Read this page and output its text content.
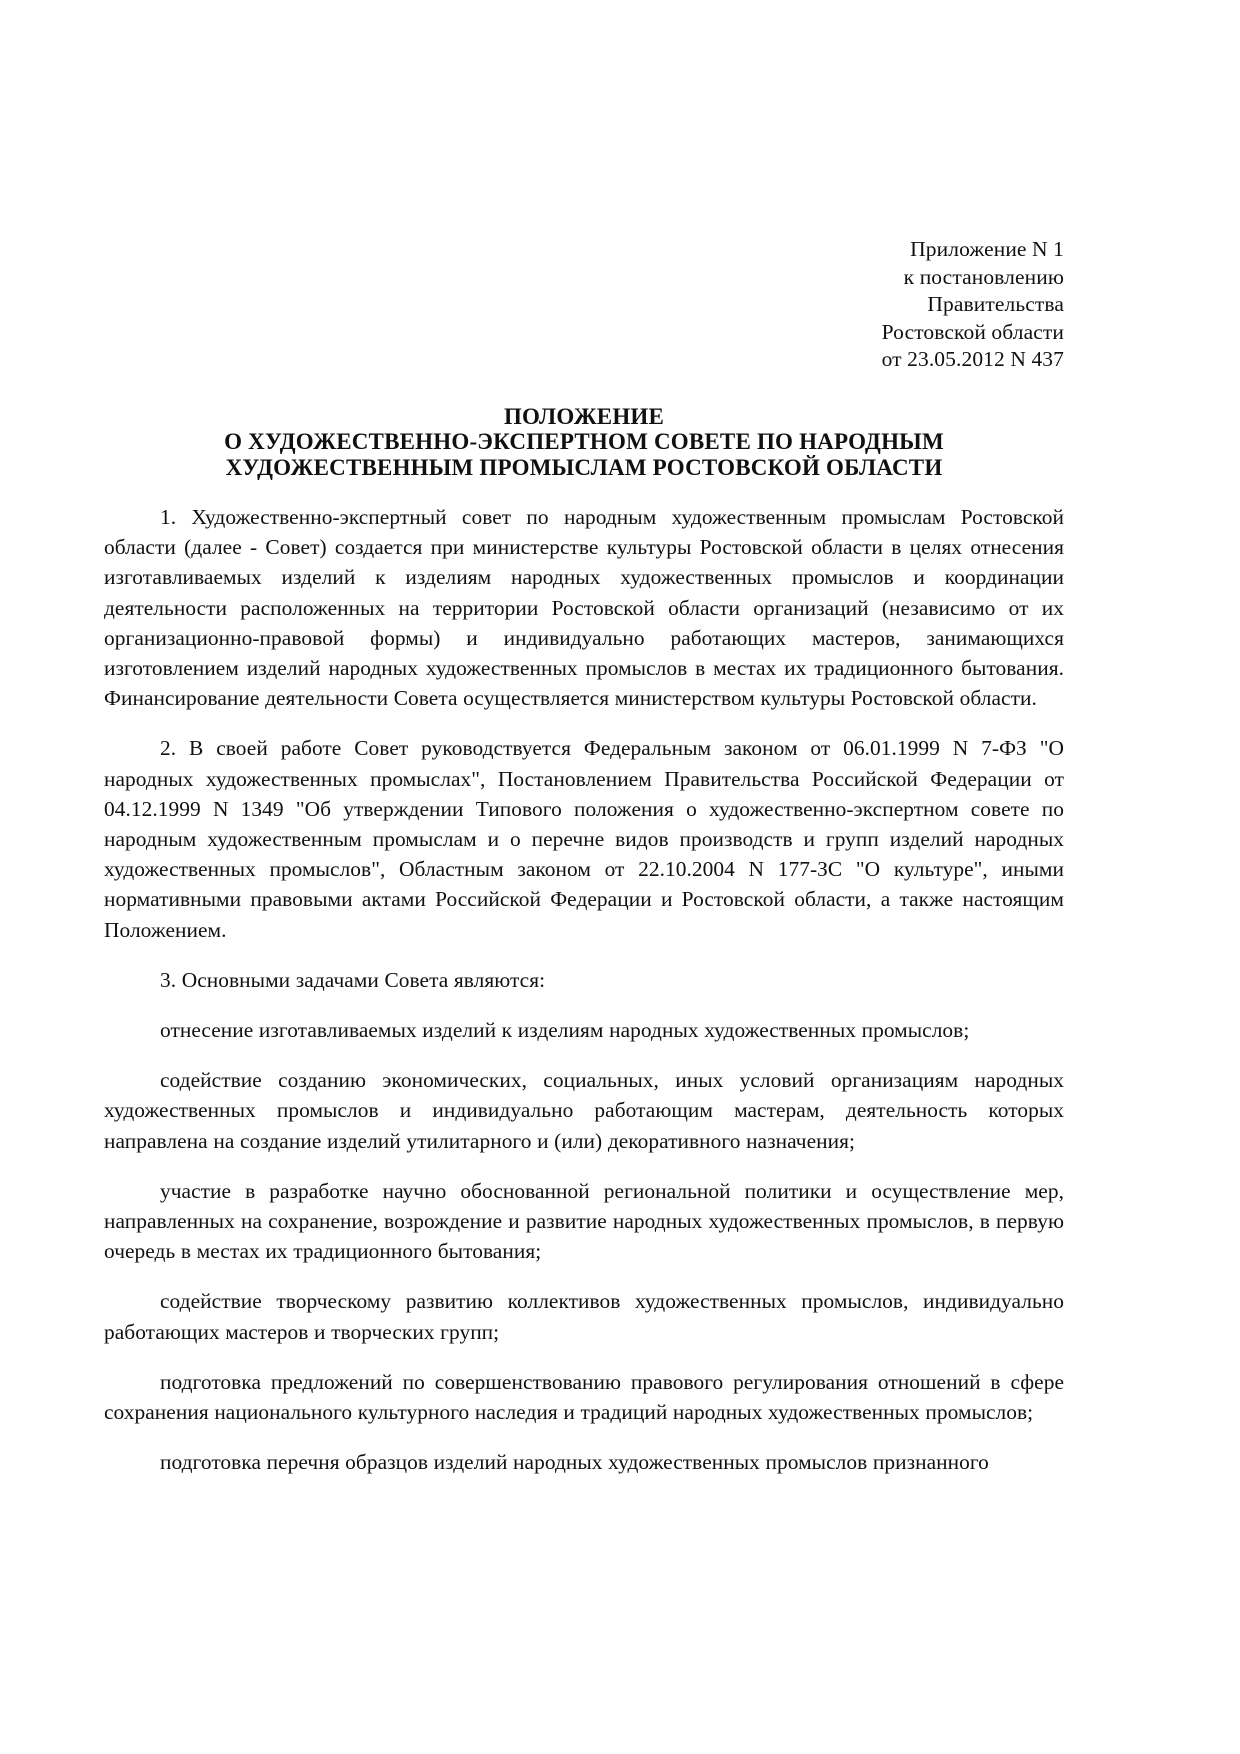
Приложение N 1
к постановлению
Правительства
Ростовской области
от 23.05.2012 N 437
ПОЛОЖЕНИЕ
О ХУДОЖЕСТВЕННО-ЭКСПЕРТНОМ СОВЕТЕ ПО НАРОДНЫМ
ХУДОЖЕСТВЕННЫМ ПРОМЫСЛАМ РОСТОВСКОЙ ОБЛАСТИ

1. Художественно-экспертный совет по народным художественным промыслам Ростовской области (далее - Совет) создается при министерстве культуры Ростовской области в целях отнесения изготавливаемых изделий к изделиям народных художественных промыслов и координации деятельности расположенных на территории Ростовской области организаций (независимо от их организационно-правовой формы) и индивидуально работающих мастеров, занимающихся изготовлением изделий народных художественных промыслов в местах их традиционного бытования. Финансирование деятельности Совета осуществляется министерством культуры Ростовской области.

2. В своей работе Совет руководствуется Федеральным законом от 06.01.1999 N 7-ФЗ "О народных художественных промыслах", Постановлением Правительства Российской Федерации от 04.12.1999 N 1349 "Об утверждении Типового положения о художественно-экспертном совете по народным художественным промыслам и о перечне видов производств и групп изделий народных художественных промыслов", Областным законом от 22.10.2004 N 177-ЗС "О культуре", иными нормативными правовыми актами Российской Федерации и Ростовской области, а также настоящим Положением.

3. Основными задачами Совета являются:

отнесение изготавливаемых изделий к изделиям народных художественных промыслов;

содействие созданию экономических, социальных, иных условий организациям народных художественных промыслов и индивидуально работающим мастерам, деятельность которых направлена на создание изделий утилитарного и (или) декоративного назначения;

участие в разработке научно обоснованной региональной политики и осуществление мер, направленных на сохранение, возрождение и развитие народных художественных промыслов, в первую очередь в местах их традиционного бытования;

содействие творческому развитию коллективов художественных промыслов, индивидуально работающих мастеров и творческих групп;

подготовка предложений по совершенствованию правового регулирования отношений в сфере сохранения национального культурного наследия и традиций народных художественных промыслов;

подготовка перечня образцов изделий народных художественных промыслов признанного
